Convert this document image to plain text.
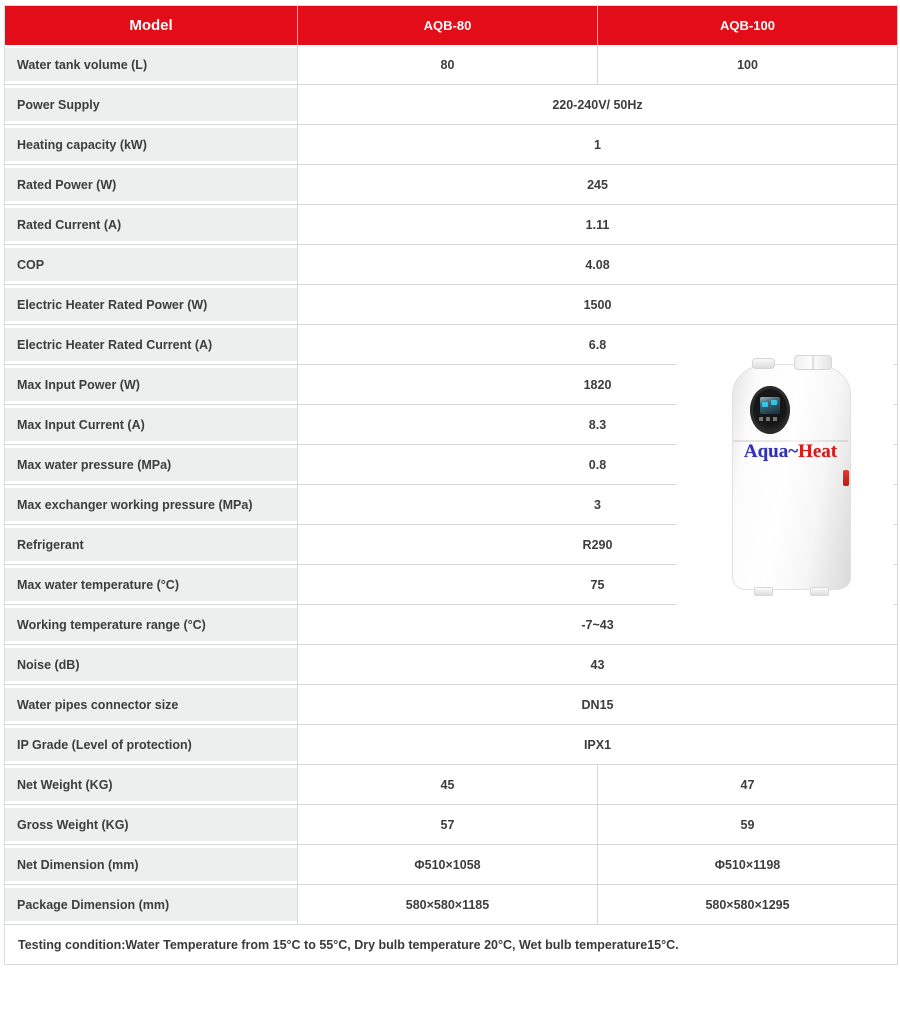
Model	AQB-80	AQB-100
Water tank volume (L)	80	100
Power Supply	220-240V/ 50Hz	
Heating capacity (kW)	1	
Rated Power (W)	245	
Rated Current (A)	1.11	
COP	4.08	
Electric Heater Rated Power (W)	1500	
Electric Heater Rated Current (A)	6.8	
Max Input Power (W)	1820	
Max Input Current (A)	8.3	
Max water pressure (MPa)	0.8	
Max exchanger working pressure (MPa)	3	
Refrigerant	R290	
Max water temperature (°C)	75	
Working temperature range (°C)	-7~43	
Noise (dB)	43	
Water pipes connector size	DN15	
IP Grade (Level of protection)	IPX1	
Net Weight (KG)	45	47
Gross Weight (KG)	57	59
Net Dimension (mm)	Φ510×1058	Φ510×1198
Package Dimension (mm)	580×580×1185	580×580×1295
Testing condition:Water Temperature from 15°C to 55°C, Dry bulb temperature 20°C, Wet bulb temperature15°C.		
Aqua~Heat
